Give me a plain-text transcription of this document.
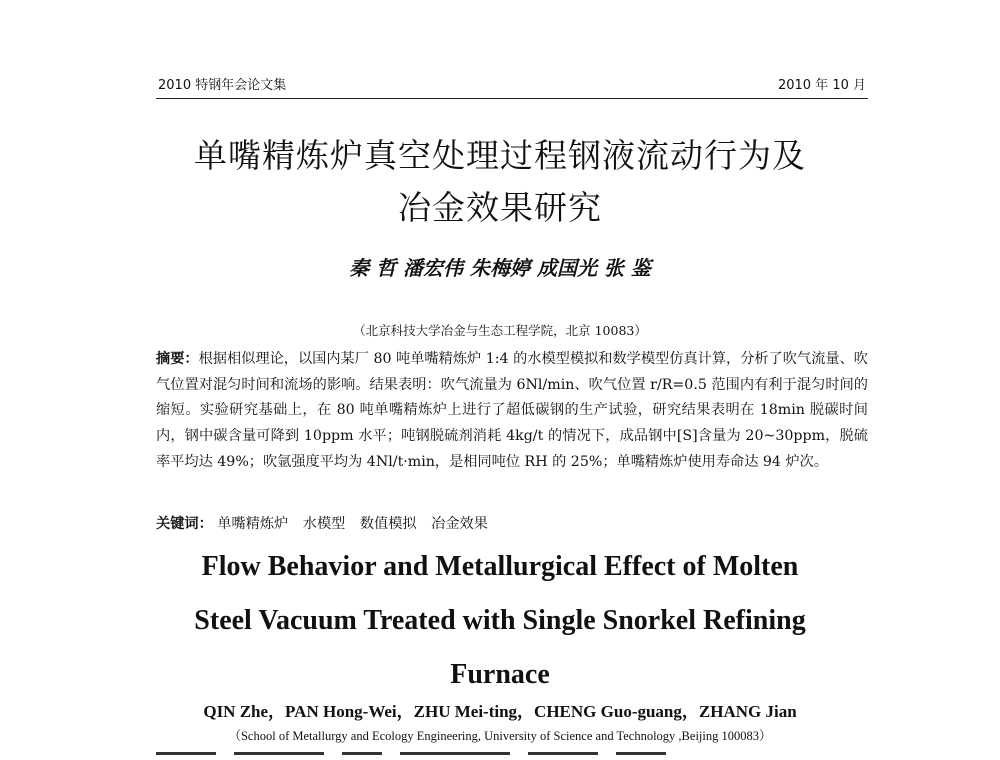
2010 特钢年会论文集	2010 年 10 月
单嘴精炼炉真空处理过程钢液流动行为及
冶金效果研究
秦 哲 潘宏伟 朱梅婷 成国光 张 鉴
（北京科技大学冶金与生态工程学院，北京 10083）
摘要：根据相似理论，以国内某厂 80 吨单嘴精炼炉 1:4 的水模型模拟和数学模型仿真计算，分析了吹气流量、吹气位置对混匀时间和流场的影响。结果表明：吹气流量为 6Nl/min、吹气位置 r/R=0.5 范围内有利于混匀时间的缩短。实验研究基础上，在 80 吨单嘴精炼炉上进行了超低碳钢的生产试验，研究结果表明在 18min 脱碳时间内，钢中碳含量可降到 10ppm 水平；吨钢脱硫剂消耗 4kg/t 的情况下，成品钢中[S]含量为 20~30ppm，脱硫率平均达 49%；吹氩强度平均为 4Nl/t·min，是相同吨位 RH 的 25%；单嘴精炼炉使用寿命达 94 炉次。
关键词： 单嘴精炼炉 水模型 数值模拟 冶金效果
Flow Behavior and Metallurgical Effect of Molten
Steel Vacuum Treated with Single Snorkel Refining
Furnace
QIN Zhe，PAN Hong-Wei，ZHU Mei-ting，CHENG Guo-guang，ZHANG Jian
（School of Metallurgy and Ecology Engineering, University of Science and Technology ,Beijing 100083）
